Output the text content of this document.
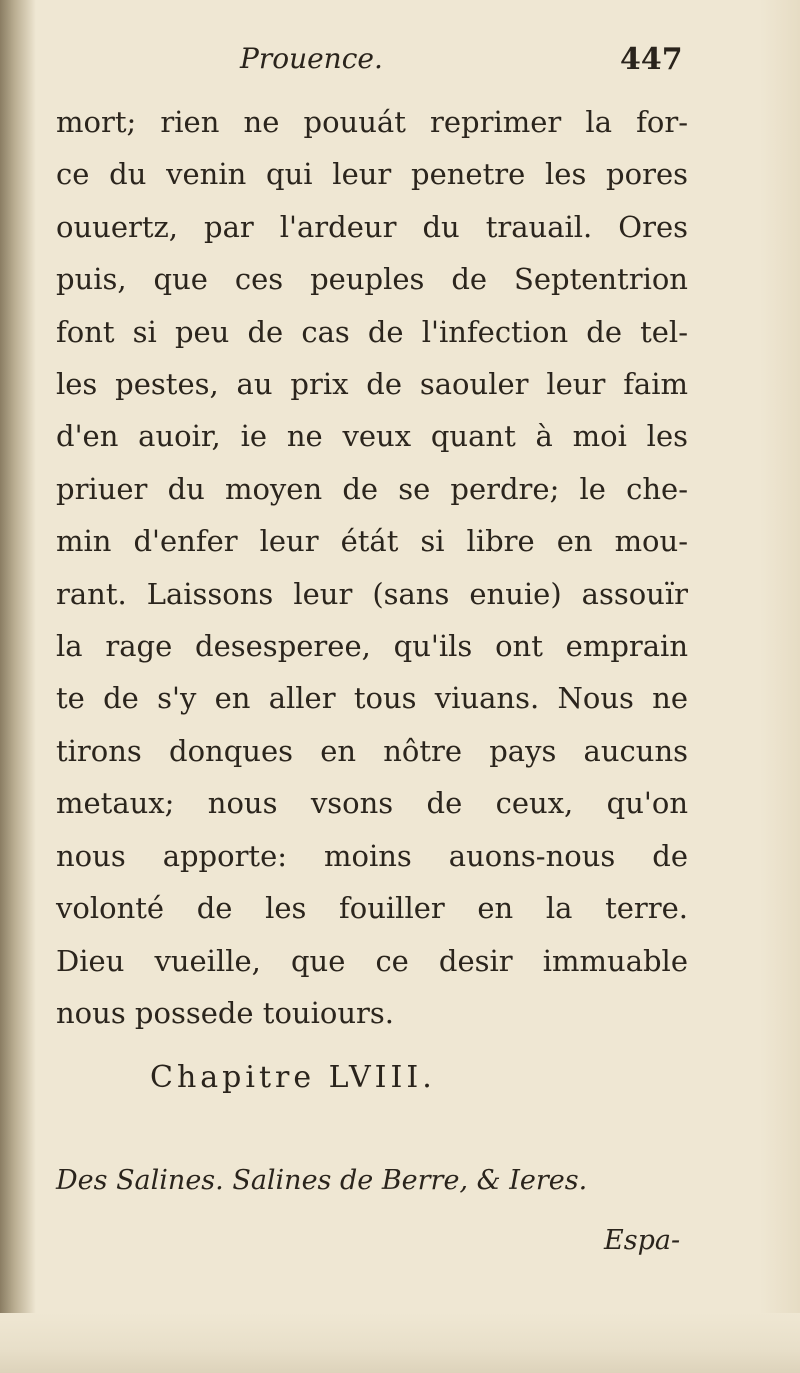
Prouence.	447
mort; rien ne pouuát reprimer la for-
ce du venin qui leur penetre les pores
ouuertz, par l'ardeur du trauail. Ores
puis, que ces peuples de Septentrion
font si peu de cas de l'infection de tel-
les pestes, au prix de saouler leur faim
d'en auoir, ie ne veux quant à moi les
priuer du moyen de se perdre; le che-
min d'enfer leur étát si libre en mou-
rant. Laissons leur (sans enuie) assouïr
la rage desesperee, qu'ils ont emprain
te de s'y en aller tous viuans. Nous ne
tirons donques en nôtre pays aucuns
metaux; nous vsons de ceux, qu'on
nous apporte: moins auons-nous de
volonté de les fouiller en la terre.
Dieu vueille, que ce desir immuable
nous possede touiours.
Chapitre LVIII.
Des Salines. Salines de Berre, & Ieres.
Espa-
